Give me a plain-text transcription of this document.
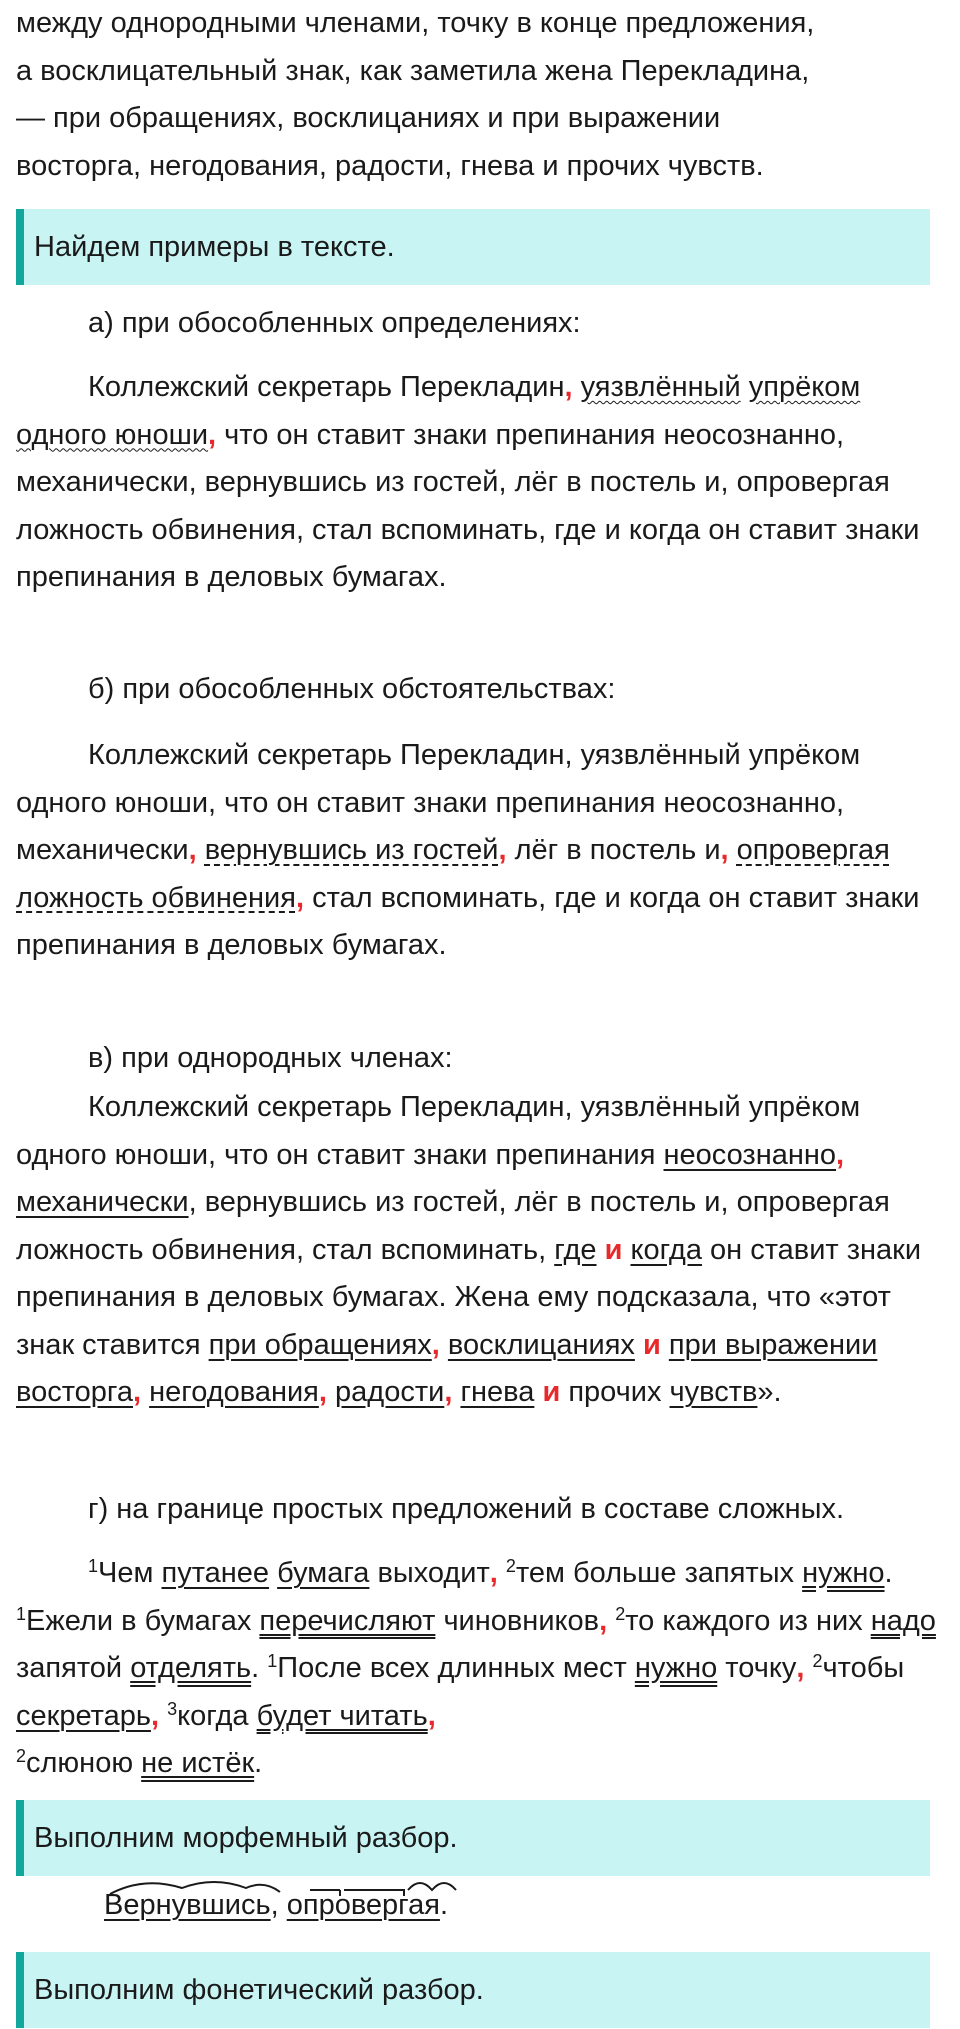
между однородными членами, точку в конце предложения,
а восклицательный знак, как заметила жена Перекладина,
— при обращениях, восклицаниях и при выражении
восторга, негодования, радости, гнева и прочих чувств.

Найдем примеры в тексте.

а) при обособленных определениях:

Коллежский секретарь Перекладин, уязвлённый упрёком одного юноши, что он ставит знаки препинания неосознанно, механически, вернувшись из гостей, лёг в постель и, опровергая ложность обвинения, стал вспоминать, где и когда он ставит знаки препинания в деловых бумагах.

б) при обособленных обстоятельствах:

Коллежский секретарь Перекладин, уязвлённый упрёком одного юноши, что он ставит знаки препинания неосознанно, механически, вернувшись из гостей, лёг в постель и, опровергая ложность обвинения, стал вспоминать, где и когда он ставит знаки препинания в деловых бумагах.

в) при однородных членах:

Коллежский секретарь Перекладин, уязвлённый упрёком одного юноши, что он ставит знаки препинания неосознанно, механически, вернувшись из гостей, лёг в постель и, опровергая ложность обвинения, стал вспоминать, где и когда он ставит знаки препинания в деловых бумагах. Жена ему подсказала, что «этот знак ставится при обращениях, восклицаниях и при выражении восторга, негодования, радости, гнева и прочих чувств».

г) на границе простых предложений в составе сложных.

$^1$Чем путанее бумага выходит, $^2$тем больше запятых нужно. $^1$Ежели в бумагах перечисляют чиновников, $^2$то каждого из них надо запятой отделять. $^1$После всех длинных мест нужно точку, $^2$чтобы секретарь, $^3$когда будет читать,
$^2$слюною не истёк.

Выполним морфемный разбор.
Вернувшись, опровергая.
Выполним фонетический разбор.
